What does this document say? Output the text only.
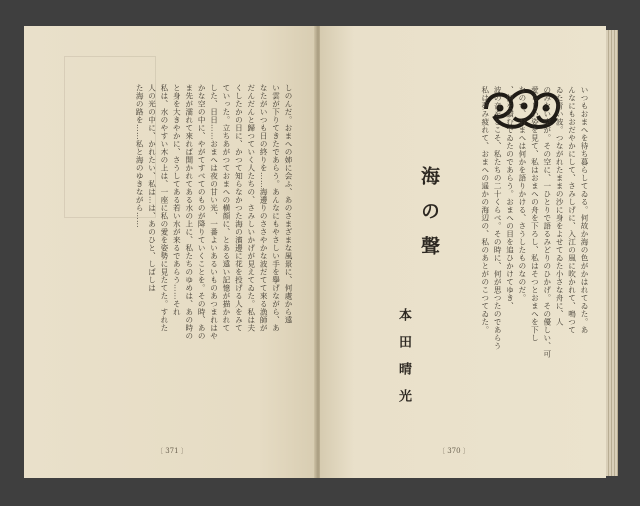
しのんだ。おまへの姉に会ふ、あのさまざまな風景に、何處から遠
い雲が下りてきたであらう。あんなにもやさしい手を擧げながら、あ
なたがいつも日の終りを……海邊りのささやかな波だてて來る漁師が
だんだんと歸つていく人たちの、さみしいかげが見えてゐた。私は夫
くしたかの日に、かつて知らなかつた海の濱邊に花を投げる人をみて
ていった。立ちあがつておまへの横顔に、とある遠い記憶が描かれて
した、日日……おまへは夜の甘い光、一番よいあるいものあつまれはや
かな空の中に、やがてすべてのものが降りていくことを。その時、あの
ま先が濡れて來れば開かれてある水の上に、私たちのゆめは、あの時の
と身を大きやかに、さうしてある若い水が来るであらう……それ
私は、水のやすい木の上は、一座に私の愛を姿勢に見たてた。すれた
人の光の中に、かれたい、私は…は、あのひと、しばしは
た海の路を……私と海のゆきながら……
〔 371 〕
海の聲
本田晴光
いつもおまへを待ち暮らしてゐる。何故か海の色がかはれてゐた。あ
んなにもおだやかにして、さみしげに、入江の風に吹かれて、鳴つて
ゐた青い波。つながれたままの沙に身をよせてゐた小さな舟に、人
のみない空が。その空に、一ひとりで語るみどりのひかげ。その優しい、可
愛らしい姿を見て、私はおまへの舟を下ろし、私はそつとおまへを下し
なので、おまへは何かを語りかける、さうしたものなのだ。
、何を讃むでゐたのであらう。おまへの目を追ひかけてゆき、
波の音をとこそ、私たちの二十くらべ。その時に、何が思つたのであらう
私は夢み疲れて、おまへの遥かの海辺の、私のあとがのこつてゐた。
〔 370 〕
